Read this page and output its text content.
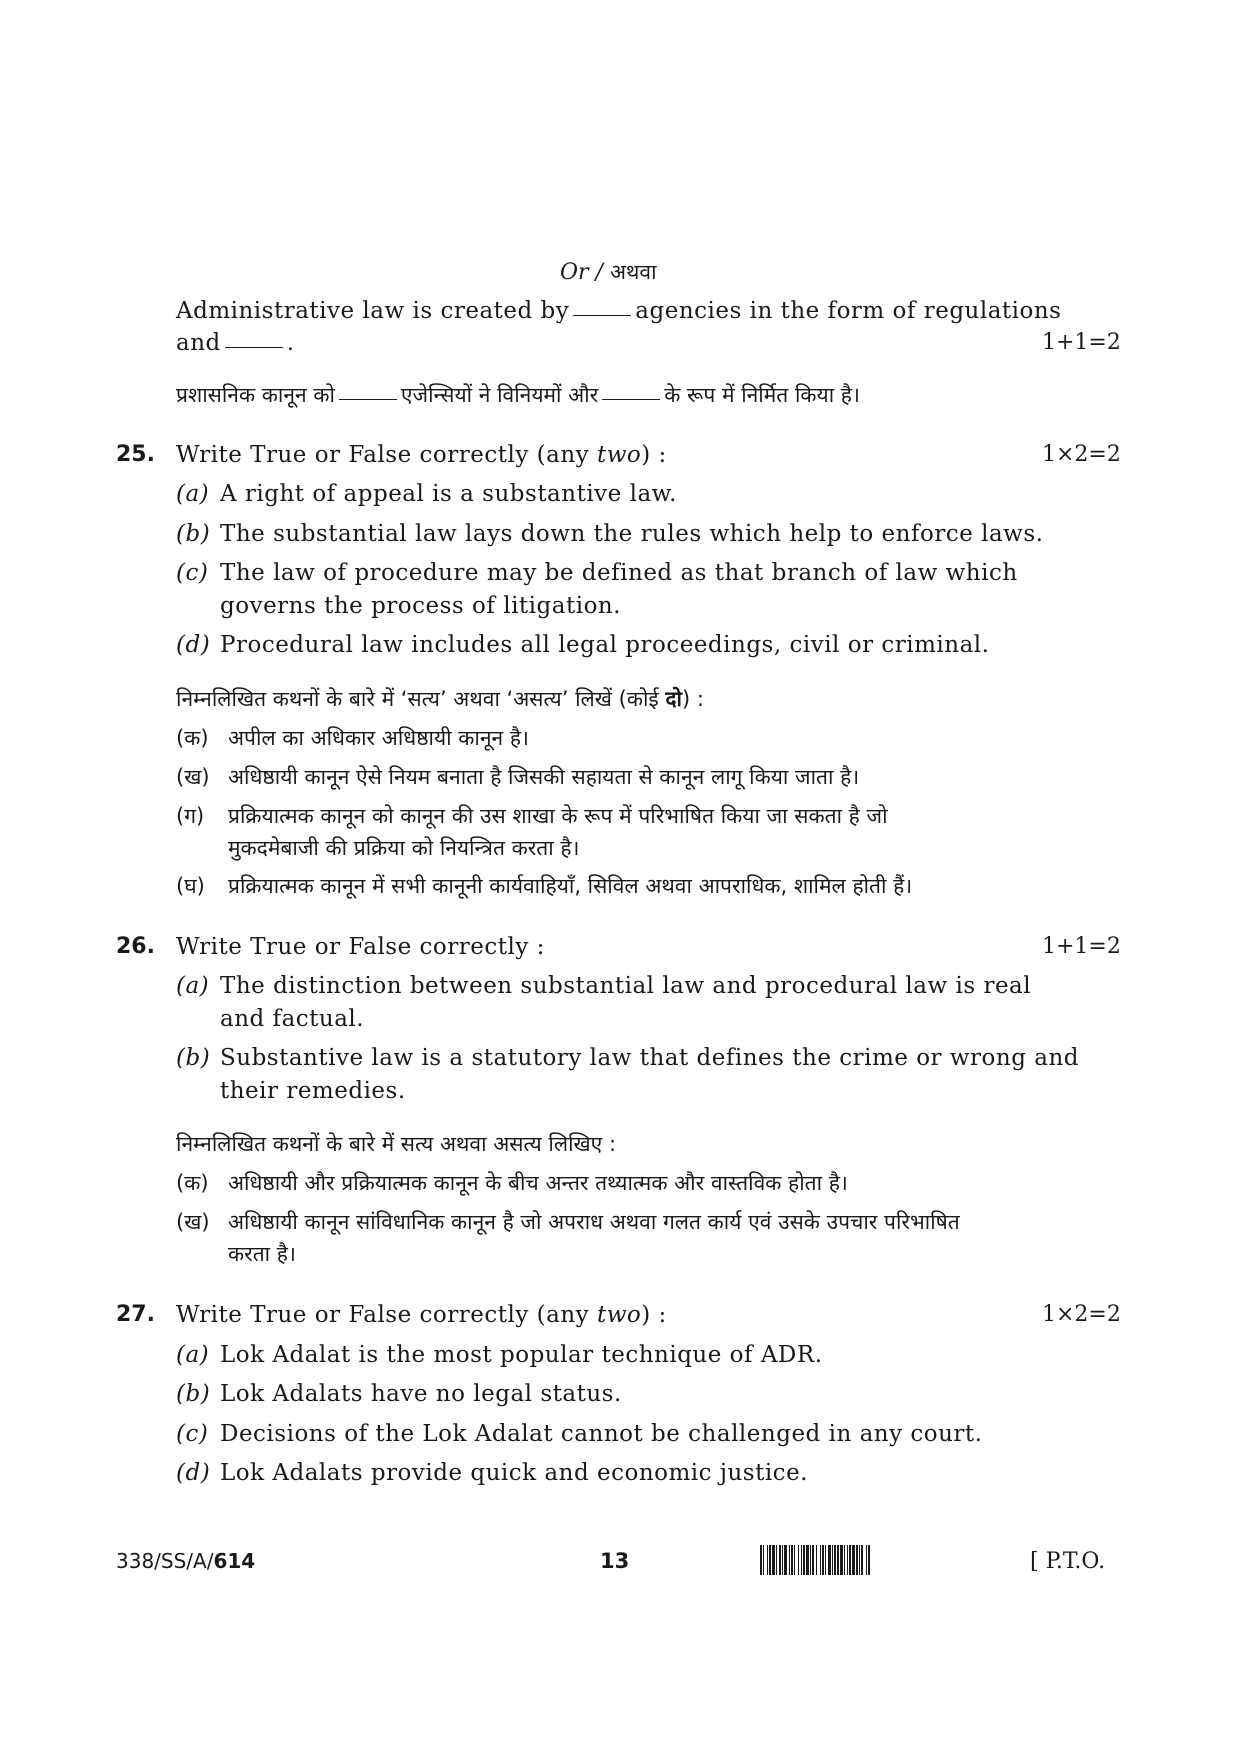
Or / अथवा
Administrative law is created by	agencies in the form of regulations
and	.	1+1=2
प्रशासनिक कानून को	एजेन्सियों ने विनियमों और	के रूप में निर्मित किया है।
25. Write True or False correctly (any two) :	1×2=2
(a) A right of appeal is a substantive law.
(b) The substantial law lays down the rules which help to enforce laws.
(c) The law of procedure may be defined as that branch of law which
governs the process of litigation.
(d) Procedural law includes all legal proceedings, civil or criminal.
निम्नलिखित कथनों के बारे में ‘सत्य’ अथवा ‘असत्य’ लिखें (कोई दो) :
(क) अपील का अधिकार अधिष्ठायी कानून है।
(ख) अधिष्ठायी कानून ऐसे नियम बनाता है जिसकी सहायता से कानून लागू किया जाता है।
(ग) प्रक्रियात्मक कानून को कानून की उस शाखा के रूप में परिभाषित किया जा सकता है जो
मुकदमेबाजी की प्रक्रिया को नियन्त्रित करता है।
(घ) प्रक्रियात्मक कानून में सभी कानूनी कार्यवाहियाँ, सिविल अथवा आपराधिक, शामिल होती हैं।
26. Write True or False correctly :	1+1=2
(a) The distinction between substantial law and procedural law is real
and factual.
(b) Substantive law is a statutory law that defines the crime or wrong and
their remedies.
निम्नलिखित कथनों के बारे में सत्य अथवा असत्य लिखिए :
(क) अधिष्ठायी और प्रक्रियात्मक कानून के बीच अन्तर तथ्यात्मक और वास्तविक होता है।
(ख) अधिष्ठायी कानून सांविधानिक कानून है जो अपराध अथवा गलत कार्य एवं उसके उपचार परिभाषित
करता है।
27. Write True or False correctly (any two) :	1×2=2
(a) Lok Adalat is the most popular technique of ADR.
(b) Lok Adalats have no legal status.
(c) Decisions of the Lok Adalat cannot be challenged in any court.
(d) Lok Adalats provide quick and economic justice.
338/SS/A/614	13	[ P.T.O.
